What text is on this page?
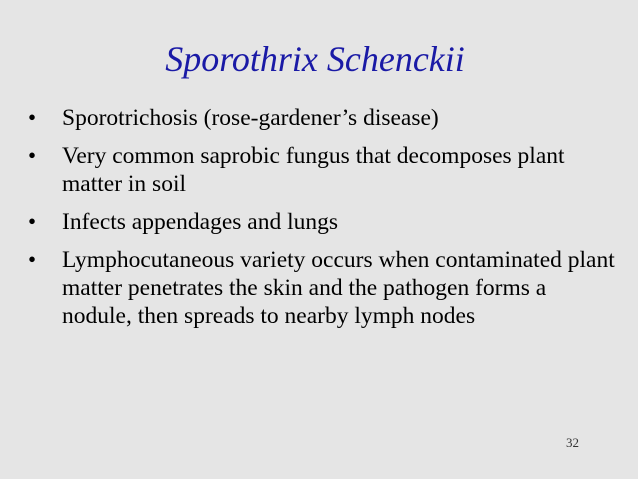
Sporothrix Schenckii
• Sporotrichosis (rose-gardener’s disease)
• Very common saprobic fungus that decomposes plant matter in soil
• Infects appendages and lungs
• Lymphocutaneous variety occurs when contaminated plant matter penetrates the skin and the pathogen forms a nodule, then spreads to nearby lymph nodes
32
